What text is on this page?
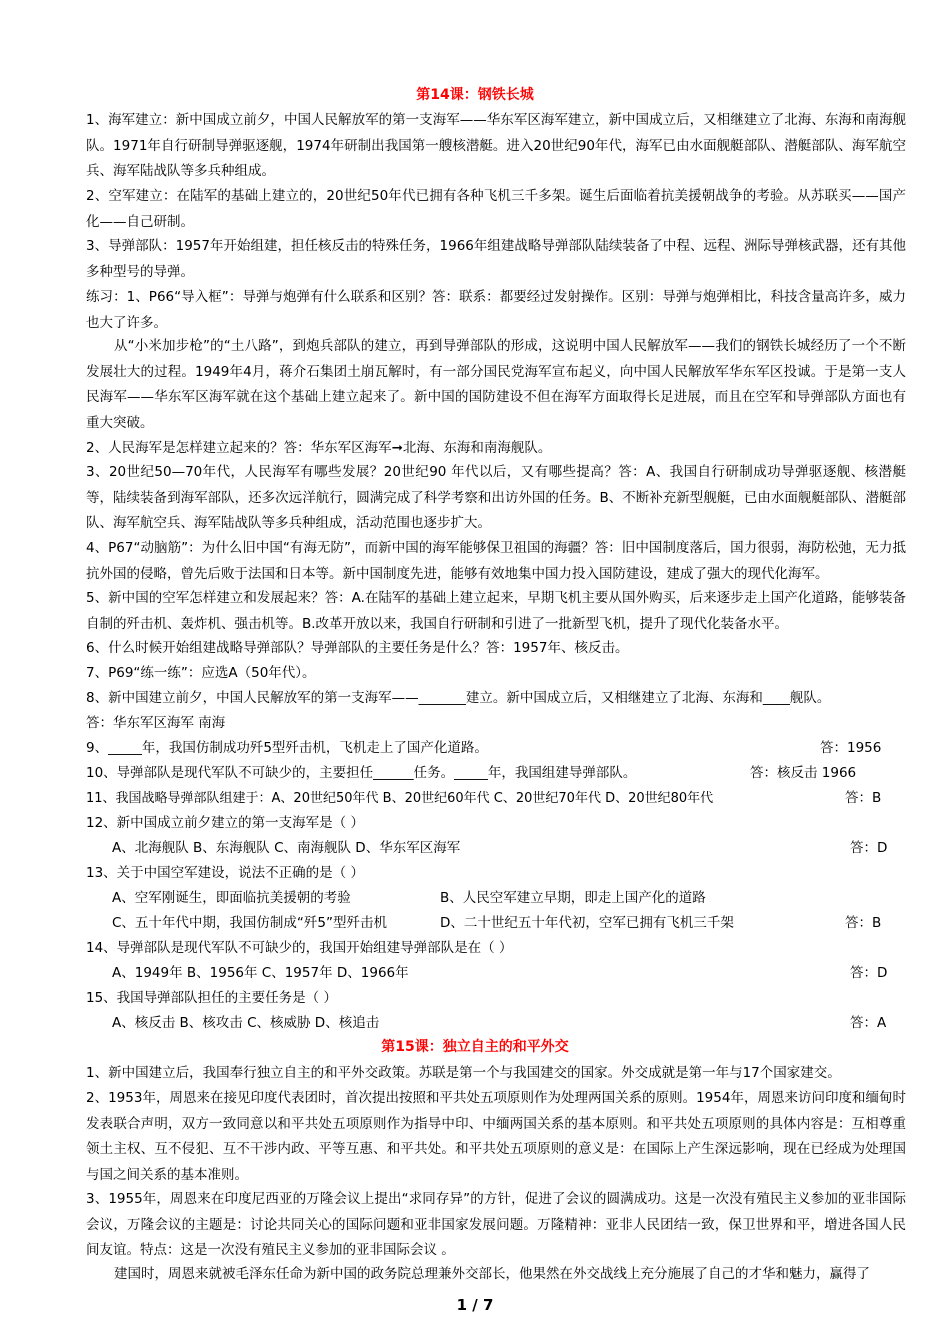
第14课：钢铁长城

1、海军建立：新中国成立前夕，中国人民解放军的第一支海军——华东军区海军建立，新中国成立后，又相继建立了北海、东海和南海舰队。1971年自行研制导弹驱逐舰，1974年研制出我国第一艘核潜艇。进入20世纪90年代，海军已由水面舰艇部队、潜艇部队、海军航空兵、海军陆战队等多兵种组成。

2、空军建立：在陆军的基础上建立的，20世纪50年代已拥有各种飞机三千多架。诞生后面临着抗美援朝战争的考验。从苏联买——国产化——自己研制。

3、导弹部队：1957年开始组建，担任核反击的特殊任务，1966年组建战略导弹部队陆续装备了中程、远程、洲际导弹核武器，还有其他多种型号的导弹。

练习：1、P66“导入框”：导弹与炮弹有什么联系和区别？答：联系：都要经过发射操作。区别：导弹与炮弹相比，科技含量高许多，威力也大了许多。

从“小米加步枪”的“土八路”，到炮兵部队的建立，再到导弹部队的形成，这说明中国人民解放军——我们的钢铁长城经历了一个不断发展壮大的过程。1949年4月，蒋介石集团土崩瓦解时，有一部分国民党海军宣布起义，向中国人民解放军华东军区投诚。于是第一支人民海军——华东军区海军就在这个基础上建立起来了。新中国的国防建设不但在海军方面取得长足进展，而且在空军和导弹部队方面也有重大突破。

2、人民海军是怎样建立起来的？答：华东军区海军➞北海、东海和南海舰队。

3、20世纪50—70年代，人民海军有哪些发展？20世纪90 年代以后，又有哪些提高？答：A、我国自行研制成功导弹驱逐舰、核潜艇等，陆续装备到海军部队，还多次远洋航行，圆满完成了科学考察和出访外国的任务。B、不断补充新型舰艇，已由水面舰艇部队、潜艇部队、海军航空兵、海军陆战队等多兵种组成，活动范围也逐步扩大。

4、P67“动脑筋”：为什么旧中国“有海无防”，而新中国的海军能够保卫祖国的海疆？答：旧中国制度落后，国力很弱，海防松弛，无力抵抗外国的侵略，曾先后败于法国和日本等。新中国制度先进，能够有效地集中国力投入国防建设，建成了强大的现代化海军。

5、新中国的空军怎样建立和发展起来？答：A.在陆军的基础上建立起来，早期飞机主要从国外购买，后来逐步走上国产化道路，能够装备自制的歼击机、轰炸机、强击机等。B.改革开放以来，我国自行研制和引进了一批新型飞机，提升了现代化装备水平。

6、什么时候开始组建战略导弹部队？导弹部队的主要任务是什么？答：1957年、核反击。

7、P69“练一练”：应选A（50年代）。

8、新中国建立前夕，中国人民解放军的第一支海军——_______建立。新中国成立后，又相继建立了北海、东海和____舰队。

答：华东军区海军 南海

9、_____年，我国仿制成功歼5型歼击机，飞机走上了国产化道路。	答：1956
10、导弹部队是现代军队不可缺少的，主要担任______任务。_____年，我国组建导弹部队。	答：核反击 1966
11、我国战略导弹部队组建于：A、20世纪50年代 B、20世纪60年代 C、20世纪70年代 D、20世纪80年代	答：B
12、新中国成立前夕建立的第一支海军是（ ）
A、北海舰队 B、东海舰队 C、南海舰队 D、华东军区海军	答：D
13、关于中国空军建设，说法不正确的是（ ）
A、空军刚诞生，即面临抗美援朝的考验	B、人民空军建立早期，即走上国产化的道路
C、五十年代中期，我国仿制成“歼5”型歼击机	D、二十世纪五十年代初，空军已拥有飞机三千架	答：B
14、导弹部队是现代军队不可缺少的，我国开始组建导弹部队是在（ ）
A、1949年 B、1956年 C、1957年 D、1966年	答：D
15、我国导弹部队担任的主要任务是（ ）
A、核反击 B、核攻击 C、核威胁 D、核追击	答：A
第15课：独立自主的和平外交

1、新中国建立后，我国奉行独立自主的和平外交政策。苏联是第一个与我国建交的国家。外交成就是第一年与17个国家建交。

2、1953年，周恩来在接见印度代表团时，首次提出按照和平共处五项原则作为处理两国关系的原则。1954年，周恩来访问印度和缅甸时发表联合声明，双方一致同意以和平共处五项原则作为指导中印、中缅两国关系的基本原则。和平共处五项原则的具体内容是：互相尊重领土主权、互不侵犯、互不干涉内政、平等互惠、和平共处。和平共处五项原则的意义是：在国际上产生深远影响，现在已经成为处理国与国之间关系的基本准则。

3、1955年，周恩来在印度尼西亚的万隆会议上提出“求同存异”的方针，促进了会议的圆满成功。这是一次没有殖民主义参加的亚非国际会议，万隆会议的主题是：讨论共同关心的国际问题和亚非国家发展问题。万隆精神：亚非人民团结一致，保卫世界和平，增进各国人民间友谊。特点：这是一次没有殖民主义参加的亚非国际会议 。

建国时，周恩来就被毛泽东任命为新中国的政务院总理兼外交部长，他果然在外交战线上充分施展了自己的才华和魅力，赢得了

1 / 7
